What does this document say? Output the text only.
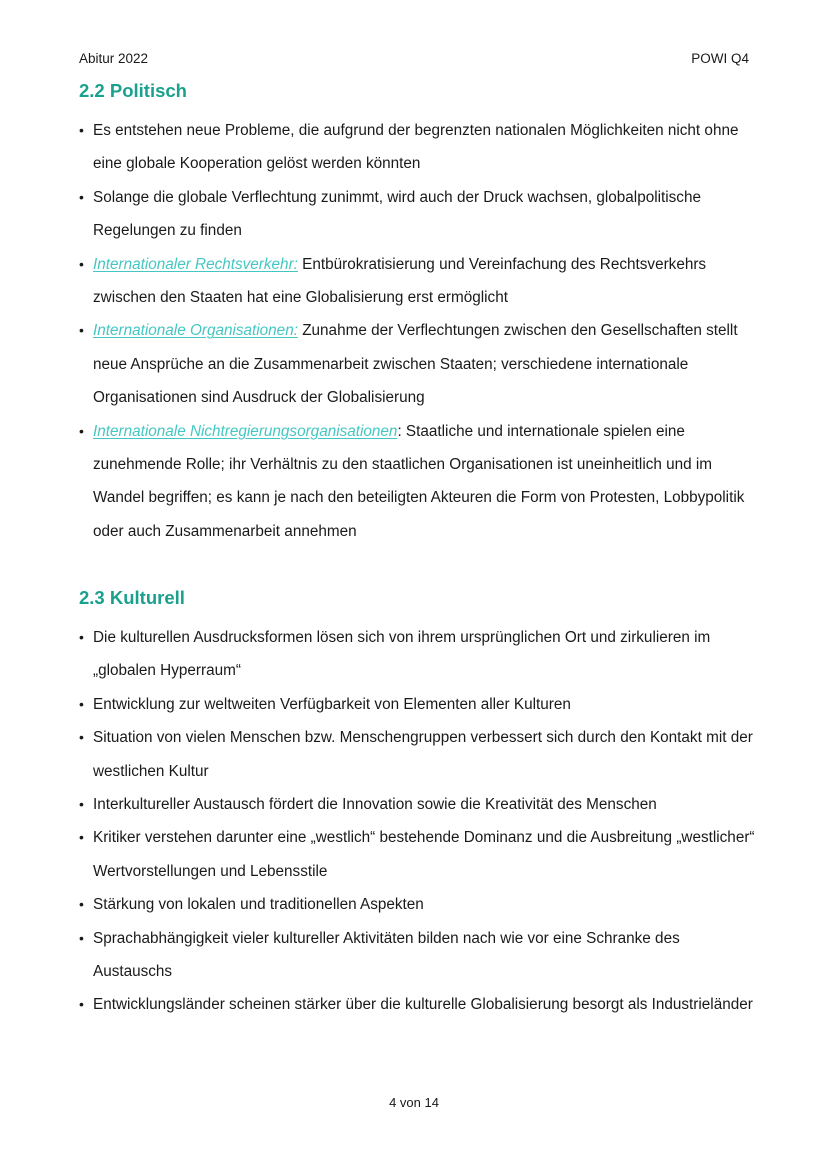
Abitur 2022	POWI Q4
2.2 Politisch
• Es entstehen neue Probleme, die aufgrund der begrenzten nationalen Möglichkeiten nicht ohne eine globale Kooperation gelöst werden könnten
• Solange die globale Verflechtung zunimmt, wird auch der Druck wachsen, globalpolitische Regelungen zu finden
• Internationaler Rechtsverkehr: Entbürokratisierung und Vereinfachung des Rechtsverkehrs zwischen den Staaten hat eine Globalisierung erst ermöglicht
• Internationale Organisationen: Zunahme der Verflechtungen zwischen den Gesellschaften stellt neue Ansprüche an die Zusammenarbeit zwischen Staaten; verschiedene internationale Organisationen sind Ausdruck der Globalisierung
• Internationale Nichtregierungsorganisationen: Staatliche und internationale spielen eine zunehmende Rolle; ihr Verhältnis zu den staatlichen Organisationen ist uneinheitlich und im Wandel begriffen; es kann je nach den beteiligten Akteuren die Form von Protesten, Lobbypolitik oder auch Zusammenarbeit annehmen
2.3 Kulturell
• Die kulturellen Ausdrucksformen lösen sich von ihrem ursprünglichen Ort und zirkulieren im „globalen Hyperraum“
• Entwicklung zur weltweiten Verfügbarkeit von Elementen aller Kulturen
• Situation von vielen Menschen bzw. Menschengruppen verbessert sich durch den Kontakt mit der westlichen Kultur
• Interkultureller Austausch fördert die Innovation sowie die Kreativität des Menschen
• Kritiker verstehen darunter eine „westlich“ bestehende Dominanz und die Ausbreitung „westlicher“ Wertvorstellungen und Lebensstile
• Stärkung von lokalen und traditionellen Aspekten
• Sprachabhängigkeit vieler kultureller Aktivitäten bilden nach wie vor eine Schranke des Austauschs
• Entwicklungsländer scheinen stärker über die kulturelle Globalisierung besorgt als Industrieländer
4 von 14
